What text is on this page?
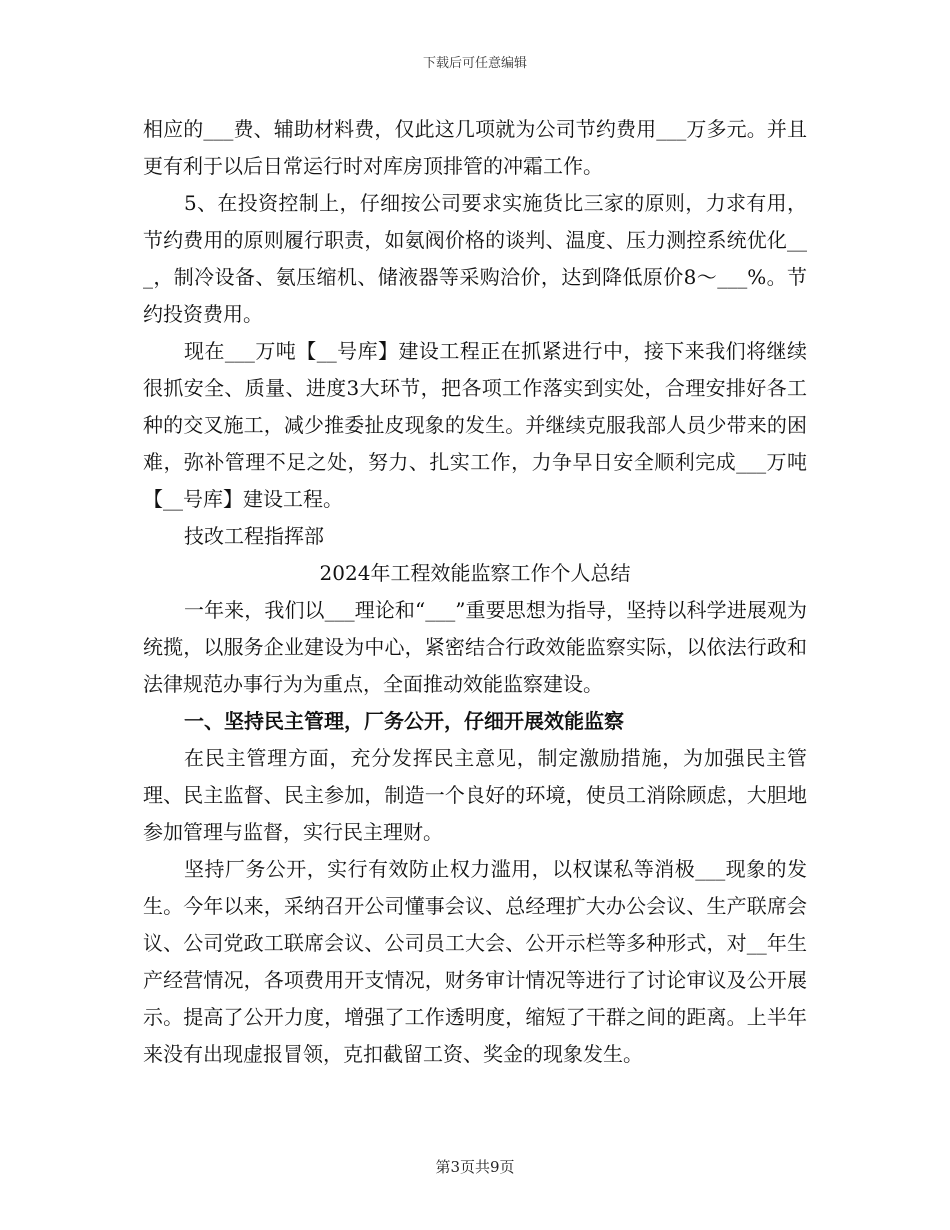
下载后可任意编辑

相应的___费、辅助材料费，仅此这几项就为公司节约费用___万多元。并且更有利于以后日常运行时对库房顶排管的冲霜工作。

5、在投资控制上，仔细按公司要求实施货比三家的原则，力求有用，节约费用的原则履行职责，如氨阀价格的谈判、温度、压力测控系统优化___，制冷设备、氨压缩机、储液器等采购洽价，达到降低原价8～___%。节约投资费用。

现在___万吨【__号库】建设工程正在抓紧进行中，接下来我们将继续很抓安全、质量、进度3大环节，把各项工作落实到实处，合理安排好各工种的交叉施工，减少推委扯皮现象的发生。并继续克服我部人员少带来的困难，弥补管理不足之处，努力、扎实工作，力争早日安全顺利完成___万吨【__号库】建设工程。

技改工程指挥部

2024年工程效能监察工作个人总结

一年来，我们以___理论和“___”重要思想为指导，坚持以科学进展观为统揽，以服务企业建设为中心，紧密结合行政效能监察实际，以依法行政和法律规范办事行为为重点，全面推动效能监察建设。

一、坚持民主管理，厂务公开，仔细开展效能监察

在民主管理方面，充分发挥民主意见，制定激励措施，为加强民主管理、民主监督、民主参加，制造一个良好的环境，使员工消除顾虑，大胆地参加管理与监督，实行民主理财。

坚持厂务公开，实行有效防止权力滥用，以权谋私等消极___现象的发生。今年以来，采纳召开公司懂事会议、总经理扩大办公会议、生产联席会议、公司党政工联席会议、公司员工大会、公开示栏等多种形式，对__年生产经营情况，各项费用开支情况，财务审计情况等进行了讨论审议及公开展示。提高了公开力度，增强了工作透明度，缩短了干群之间的距离。上半年来没有出现虚报冒领，克扣截留工资、奖金的现象发生。

第3页共9页
